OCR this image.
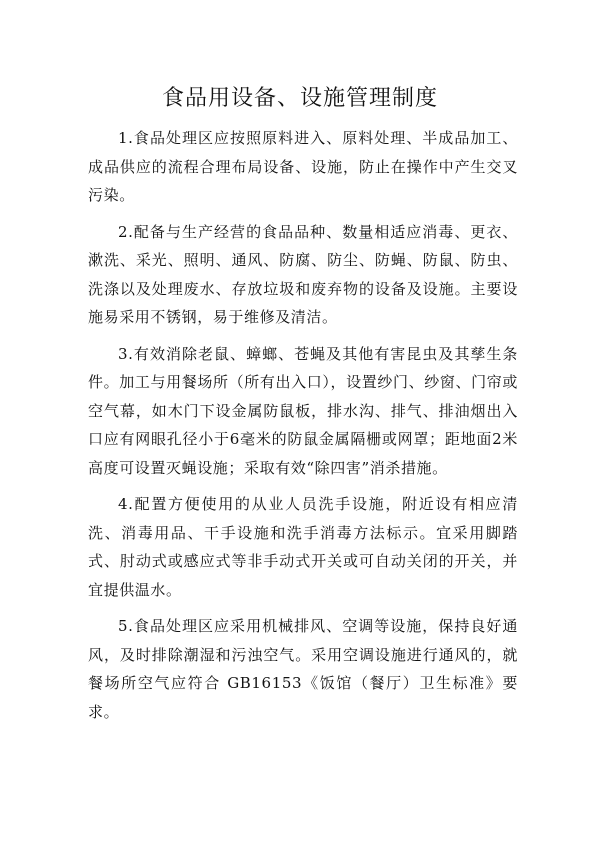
食品用设备、设施管理制度

1.食品处理区应按照原料进入、原料处理、半成品加工、成品供应的流程合理布局设备、设施，防止在操作中产生交叉污染。

2.配备与生产经营的食品品种、数量相适应消毒、更衣、漱洗、采光、照明、通风、防腐、防尘、防蝇、防鼠、防虫、洗涤以及处理废水、存放垃圾和废弃物的设备及设施。主要设施易采用不锈钢，易于维修及清洁。

3.有效消除老鼠、蟑螂、苍蝇及其他有害昆虫及其孳生条件。加工与用餐场所（所有出入口），设置纱门、纱窗、门帘或空气幕，如木门下设金属防鼠板，排水沟、排气、排油烟出入口应有网眼孔径小于6毫米的防鼠金属隔栅或网罩；距地面2米高度可设置灭蝇设施；采取有效“除四害”消杀措施。

4.配置方便使用的从业人员洗手设施，附近设有相应清洗、消毒用品、干手设施和洗手消毒方法标示。宜采用脚踏式、肘动式或感应式等非手动式开关或可自动关闭的开关，并宜提供温水。

5.食品处理区应采用机械排风、空调等设施，保持良好通风，及时排除潮湿和污浊空气。采用空调设施进行通风的，就餐场所空气应符合 GB16153《饭馆（餐厅）卫生标准》要求。
